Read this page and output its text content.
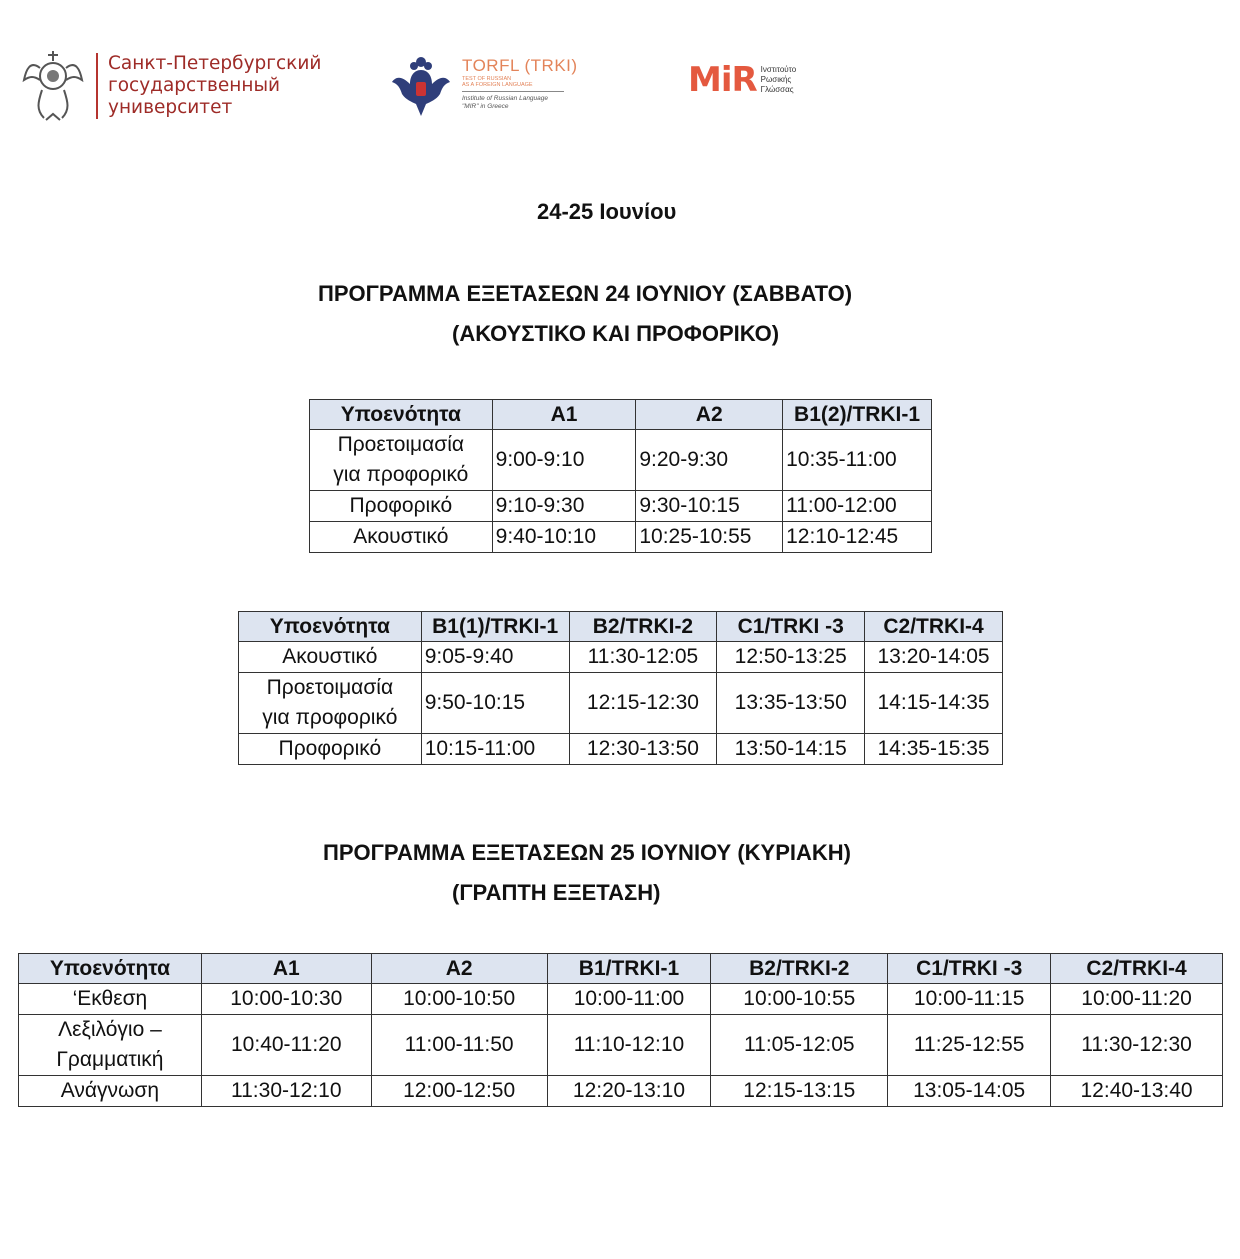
Санкт-Петербургский
государственный
университет
TORFL (TRKI)
TEST OF RUSSIAN
AS A FOREIGN LANGUAGE
Institute of Russian Language
"MIR" in Greece
MiR Ινστιτούτο
Ρωσικής
Γλώσσας
24-25 Ιουνίου
ΠΡΟΓΡΑΜΜΑ ΕΞΕΤΑΣΕΩΝ 24 ΙΟΥΝΙΟΥ (ΣΑΒΒΑΤΟ)
(ΑΚΟΥΣΤΙΚΟ ΚΑΙ ΠΡΟΦΟΡΙΚΟ)
Υποενότητα	A1	A2	B1(2)/TRKI-1
Προετοιμασία
για προφορικό	9:00-9:10	9:20-9:30	10:35-11:00
Προφορικό	9:10-9:30	9:30-10:15	11:00-12:00
Ακουστικό	9:40-10:10	10:25-10:55	12:10-12:45
Υποενότητα	B1(1)/TRKI-1	B2/TRKI-2	C1/TRKI -3	C2/TRKI-4
Ακουστικό	9:05-9:40	11:30-12:05	12:50-13:25	13:20-14:05
Προετοιμασία
για προφορικό	9:50-10:15	12:15-12:30	13:35-13:50	14:15-14:35
Προφορικό	10:15-11:00	12:30-13:50	13:50-14:15	14:35-15:35
ΠΡΟΓΡΑΜΜΑ ΕΞΕΤΑΣΕΩΝ 25 ΙΟΥΝΙΟΥ (ΚΥΡΙΑΚΗ)
(ΓΡΑΠΤΗ ΕΞΕΤΑΣΗ)
Υποενότητα	A1	A2	B1/TRKI-1	B2/TRKI-2	C1/TRKI -3	C2/TRKI-4
‘Εκθεση	10:00-10:30	10:00-10:50	10:00-11:00	10:00-10:55	10:00-11:15	10:00-11:20
Λεξιλόγιο –
Γραμματική	10:40-11:20	11:00-11:50	11:10-12:10	11:05-12:05	11:25-12:55	11:30-12:30
Ανάγνωση	11:30-12:10	12:00-12:50	12:20-13:10	12:15-13:15	13:05-14:05	12:40-13:40
